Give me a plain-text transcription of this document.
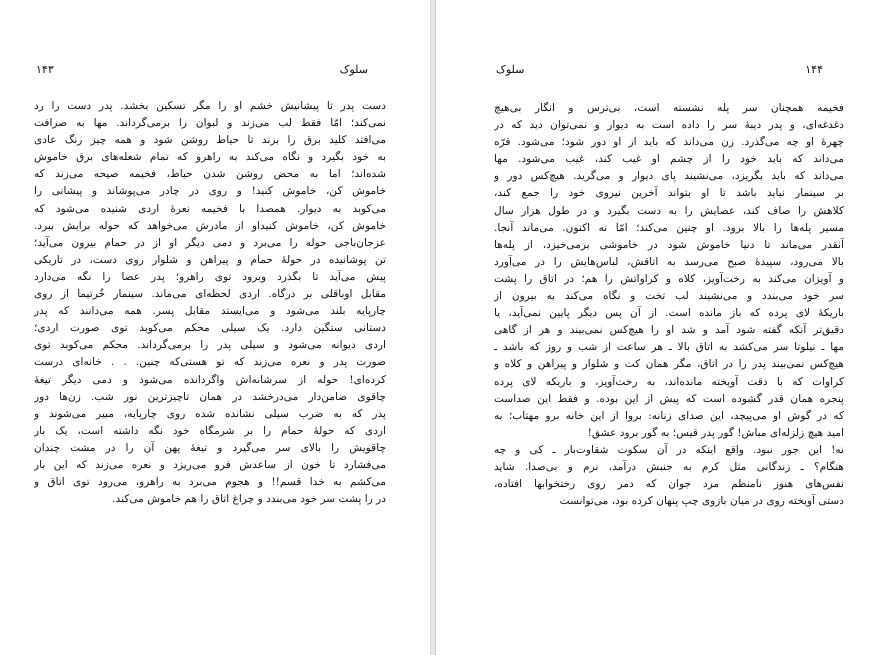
۱۴۳	سلوک
دست پدر تا پیشانیش خشم او را مگر تسکین بخشد. پدر دست را رد
نمی‌کند؛ امّا فقط لب می‌زند و لبوان را برمی‌گرداند. مها به صرافت
می‌افتد کلید برق را بزند تا حیاط روشن شود و همه چیز رنگ عادی
به خود بگیرد و نگاه می‌کند به راهرو که تمام شعله‌های برق خاموش
شده‌اند؛ اما به محض روشن شدن حیاط، فخیمه صیحه می‌زند که
خاموش کن، خاموش کنید! و روی در چادر می‌پوشاند و پیشانی را
می‌کوبد به دیوار. همصدا با فخیمه نعرهٔ اردی شنیده می‌شود که
خاموش کن، خاموش کنید‌او از مادرش می‌خواهد که حوله برایش ببرد.
عزجان‌باجی حوله را می‌برد و دمی دیگر او از در حمام بیرون می‌آید؛
تن پوشانیده در حولهٔ حمام و پیراهن و شلوار روی دست، در تاریکی
پیش می‌آید تا بگذرد وبرود توی راهرو؛ پدر عصا را نگه می‌دارد
مقابل او‌باقلی بر درگاه. اردی لحظه‌ای می‌ماند. سینمار خُرتیما از روی
چارپایه بلند می‌شود و می‌ایستد مقابل پسر. همه می‌دانند که پدر
دستانی ستگین دارد. یک سیلی محکم می‌کوبد توی صورت اردی؛
اردی دیوانه می‌شود و سیلی پدر را برمی‌گرداند. محکم می‌کوبد توی
صورت پدر و نعره می‌زند که تو هستی‌که چنین. . . خانه‌ای درست
کرده‌ای! حوله از سرشانه‌اش واگردانده می‌شود و دمی دیگر تیغهٔ
چاقوی ضامن‌دار می‌درخشد در همان تاچیزترین نور شب. زن‌ها دور
پدر که به ضرب سیلی نشانده شده روی چارپایه، مبیر می‌شوند و
اردی که حولهٔ حمام را بر شرمگاه خود نگه داشته است، یک بار
چاقویش را بالای سر می‌گیرد و تیغهٔ پهن آن را در مشت چندان
می‌فشارد تا خون از ساعدش فرو می‌ریزد و نعره می‌زند که این بار
می‌کشم به خدا قسم!! و هجوم می‌برد به راهرو، می‌رود توی اتاق و
در را پشت سر خود می‌بندد و چراغ اتاق را هم خاموش می‌کند.
سلوک	۱۴۴
فخیمه همچنان سر پله نشسته است، بی‌ترس و انگار بی‌هیچ
دغدغه‌ای، و پدر دیبهٔ سر را داده است به دیوار و نمی‌توان دید که در
چهرهٔ او چه می‌گذرد. زن می‌داند که باید از او دور شود؛ می‌شود. قرّه
می‌داند که باید خود را از چشم او غیب کند، غیب می‌شود. مها
می‌داند که باید بگریزد، می‌نشیند پای دیوار و می‌گرید. هیچ‌کس دور و
بر سینمار نباید باشد تا او بتواند آخرین نیروی خود را جمع کند،
کلاهش را صاف کند، عصایش را به دست بگیرد و در طول هزار سال
مسیر پله‌ها را بالا برود. او چنین می‌کند؛ امّا نه اکنون. می‌ماند آنجا.
آنقدر می‌ماند تا دنیا خاموش شود در خاموشی برمی‌خیزد، از پله‌ها
بالا می‌رود، سپیدهٔ صبح می‌رسد به اتاقش، لباس‌هایش را در می‌آورد
و آویزان می‌کند به رخت‌آویز، کلاه و کراواتش را هم؛ در اتاق را پشت
سر خود می‌بندد و می‌نشیند لب تخت و نگاه می‌کند به بیرون از
باریکهٔ لای پرده که باز مانده است. از آن پس دیگر پایین نمی‌آید، یا
دقیق‌تر آنکه گفته شود آمد و شد او را هیچ‌کس نمی‌بیند و هر از گاهی
مها ـ نیلوتا سر می‌کشد به اتاق بالا ـ هر ساعت از شب و روز که باشد ـ
هیچ‌کس نمی‌بیند پدر را در اتاق، مگر همان کت و شلوار و پیراهن و کلاه و
کراوات که با دقت آویخته مانده‌اند، به رخت‌آویز، و باریکه لای پرده
پنجره همان قدر گشوده است که پیش از این بوده. و فقط این صداست
که در گوش او می‌پیچد، این صدای زنانه: بروا از این خانه برو مهتاب؛ به
امید هیچ زلزله‌ای مباش! گور پدر قیس؛ به گور برود عشق!
نه! این جور نبود. واقع اینکه در آن سکوت شقاوت‌بار ـ کی و چه
هنگام؟ ـ زندگانی مثل کرم به جنبش درآمد، نرم و بی‌صدا. شاید
نفس‌های هنوز نامنظم مرد جوان که دمر روی رختخوابها افتاده،
دستی آویخته روی در میان بازوی چپ پنهان کرده بود، می‌توانست
